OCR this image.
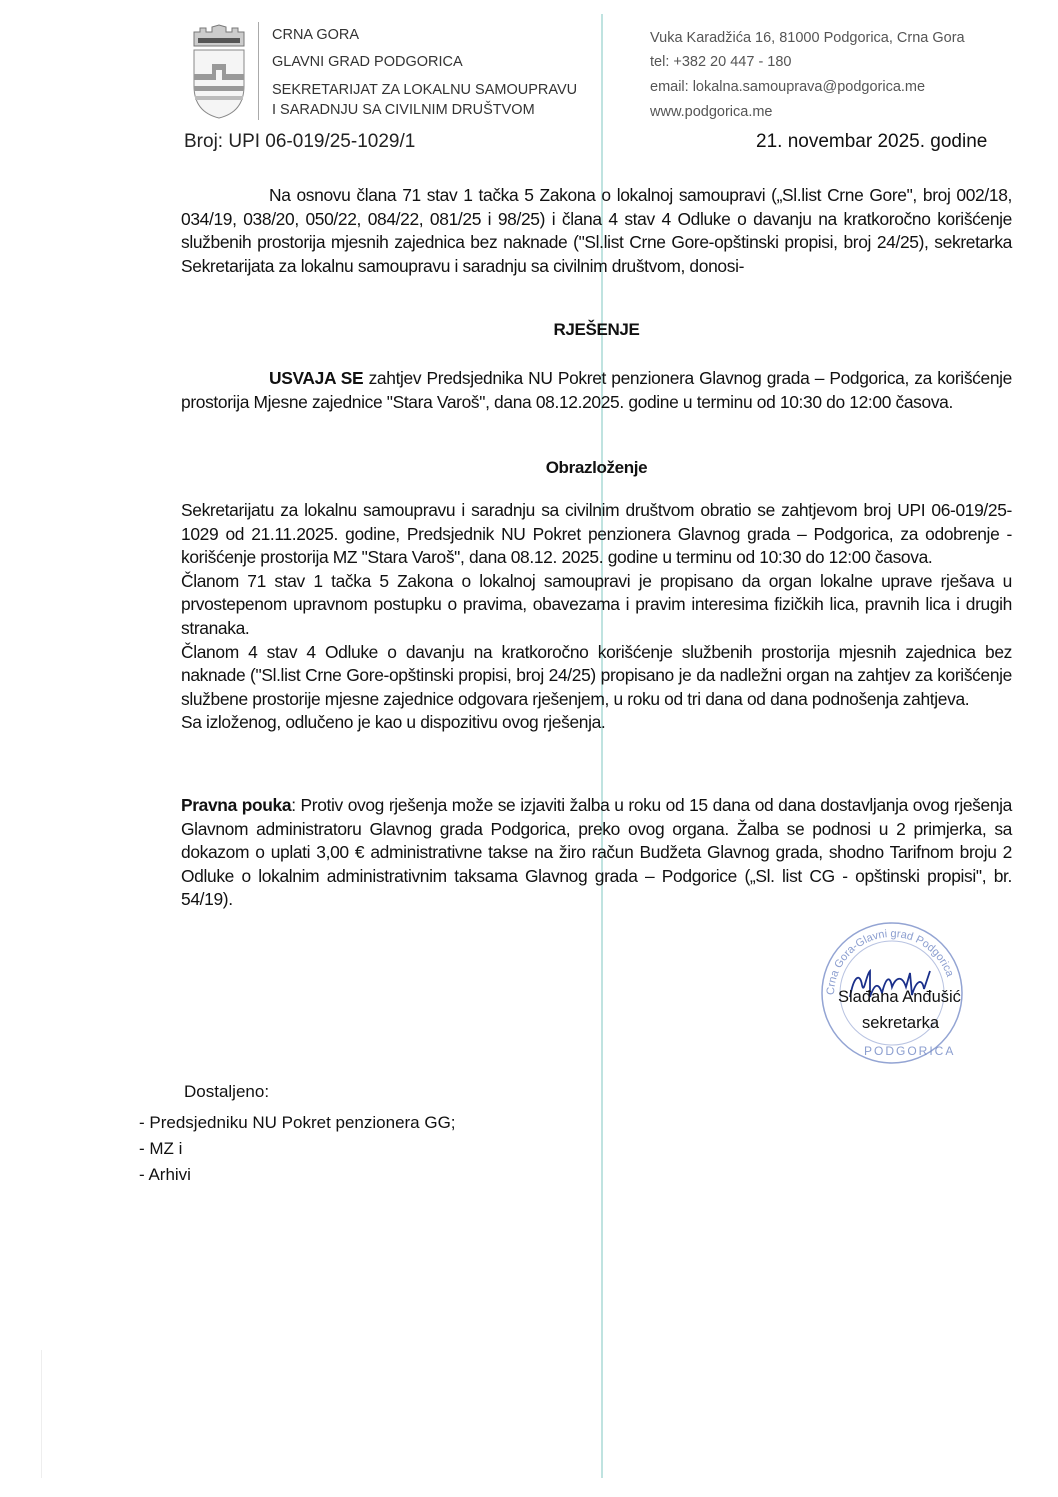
CRNA GORA
GLAVNI GRAD PODGORICA
SEKRETARIJAT ZA LOKALNU SAMOUPRAVU
I SARADNJU SA CIVILNIM DRUŠTVOM
Vuka Karadžića 16, 81000 Podgorica, Crna Gora
tel: +382 20 447 - 180
email: lokalna.samouprava@podgorica.me
www.podgorica.me
Broj: UPI 06-019/25-1029/1	21. novembar 2025. godine
Na osnovu člana 71 stav 1 tačka 5 Zakona o lokalnoj samoupravi („Sl.list Crne Gore", broj 002/18, 034/19, 038/20, 050/22, 084/22, 081/25 i 98/25) i člana 4 stav 4 Odluke o davanju na kratkoročno korišćenje službenih prostorija mjesnih zajednica bez naknade ("Sl.list Crne Gore-opštinski propisi, broj 24/25), sekretarka Sekretarijata za lokalnu samoupravu i saradnju sa civilnim društvom, donosi-
RJEŠENJE
USVAJA SE zahtjev Predsjednika NU Pokret penzionera Glavnog grada – Podgorica, za korišćenje prostorija Mjesne zajednice "Stara Varoš", dana 08.12.2025. godine u terminu od 10:30 do 12:00 časova.
Obrazloženje
Sekretarijatu za lokalnu samoupravu i saradnju sa civilnim društvom obratio se zahtjevom broj UPI 06-019/25-1029 od 21.11.2025. godine, Predsjednik NU Pokret penzionera Glavnog grada – Podgorica, za odobrenje - korišćenje prostorija MZ "Stara Varoš", dana 08.12. 2025. godine u terminu od 10:30 do 12:00 časova.
Članom 71 stav 1 tačka 5 Zakona o lokalnoj samoupravi je propisano da organ lokalne uprave rješava u prvostepenom upravnom postupku o pravima, obavezama i pravim interesima fizičkih lica, pravnih lica i drugih stranaka.
Članom 4 stav 4 Odluke o davanju na kratkoročno korišćenje službenih prostorija mjesnih zajednica bez naknade ("Sl.list Crne Gore-opštinski propisi, broj 24/25) propisano je da nadležni organ na zahtjev za korišćenje službene prostorije mjesne zajednice odgovara rješenjem, u roku od tri dana od dana podnošenja zahtjeva.
Sa izloženog, odlučeno je kao u dispozitivu ovog rješenja.
Pravna pouka: Protiv ovog rješenja može se izjaviti žalba u roku od 15 dana od dana dostavljanja ovog rješenja Glavnom administratoru Glavnog grada Podgorica, preko ovog organa. Žalba se podnosi u 2 primjerka, sa dokazom o uplati 3,00 € administrativne takse na žiro račun Budžeta Glavnog grada, shodno Tarifnom broju 2 Odluke o lokalnim administrativnim taksama Glavnog grada – Podgorice („Sl. list CG - opštinski propisi", br. 54/19).
Crna Gora-Glavni grad Podgorica
PODGORICA
Slađana Anđušić
sekretarka
Dostaljeno:
- Predsjedniku NU Pokret penzionera GG;
- MZ i
- Arhivi
